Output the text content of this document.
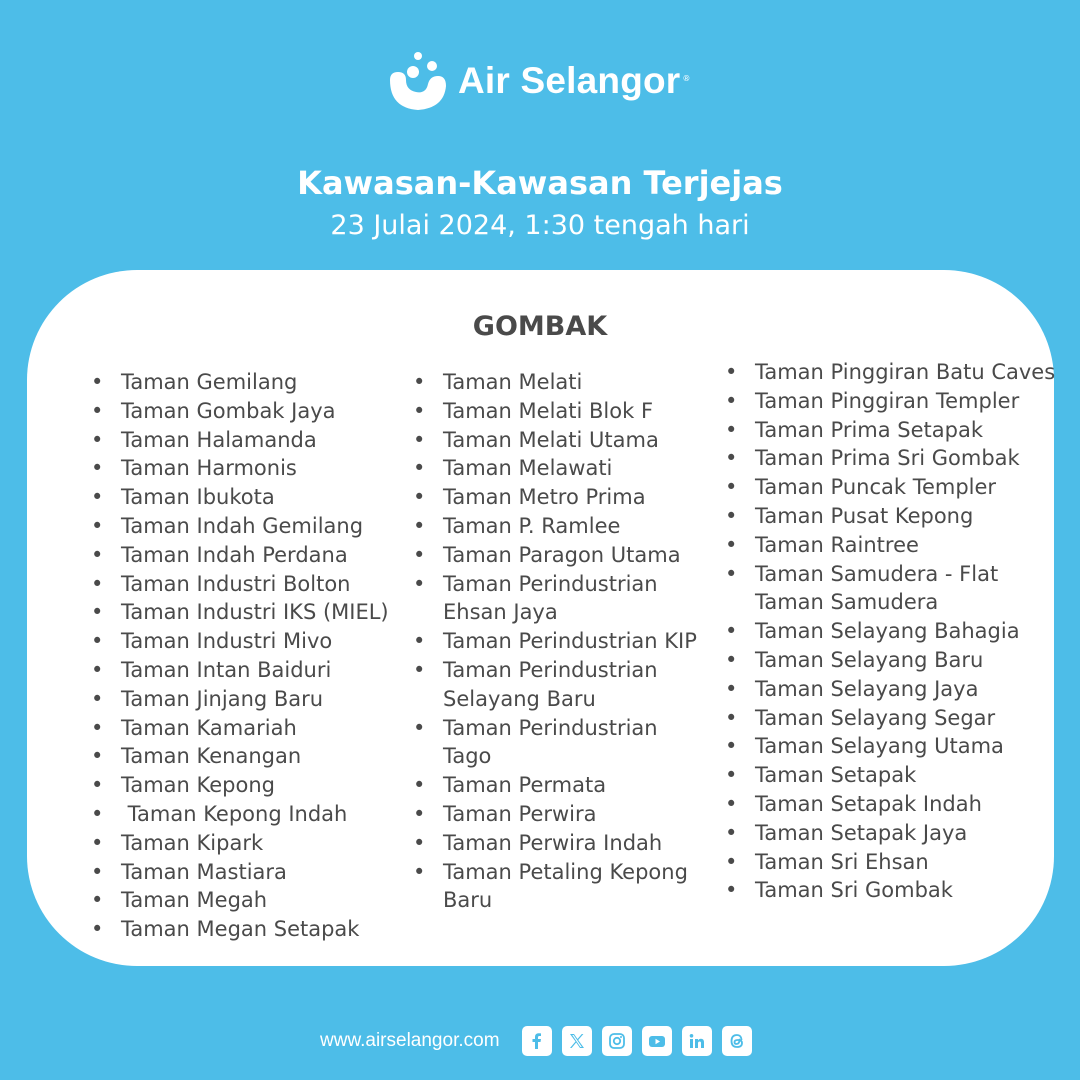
Air Selangor ®
Kawasan-Kawasan Terjejas
23 Julai 2024, 1:30 tengah hari
GOMBAK
• Taman Gemilang
• Taman Gombak Jaya
• Taman Halamanda
• Taman Harmonis
• Taman Ibukota
• Taman Indah Gemilang
• Taman Indah Perdana
• Taman Industri Bolton
• Taman Industri IKS (MIEL)
• Taman Industri Mivo
• Taman Intan Baiduri
• Taman Jinjang Baru
• Taman Kamariah
• Taman Kenangan
• Taman Kepong
•  Taman Kepong Indah
• Taman Kipark
• Taman Mastiara
• Taman Megah
• Taman Megan Setapak
• Taman Melati
• Taman Melati Blok F
• Taman Melati Utama
• Taman Melawati
• Taman Metro Prima
• Taman P. Ramlee
• Taman Paragon Utama
• Taman Perindustrian Ehsan Jaya
• Taman Perindustrian KIP
• Taman Perindustrian Selayang Baru
• Taman Perindustrian Tago
• Taman Permata
• Taman Perwira
• Taman Perwira Indah
• Taman Petaling Kepong Baru
• Taman Pinggiran Batu Caves
• Taman Pinggiran Templer
• Taman Prima Setapak
• Taman Prima Sri Gombak
• Taman Puncak Templer
• Taman Pusat Kepong
• Taman Raintree
• Taman Samudera - Flat Taman Samudera
• Taman Selayang Bahagia
• Taman Selayang Baru
• Taman Selayang Jaya
• Taman Selayang Segar
• Taman Selayang Utama
• Taman Setapak
• Taman Setapak Indah
• Taman Setapak Jaya
• Taman Sri Ehsan
• Taman Sri Gombak
www.airselangor.com
